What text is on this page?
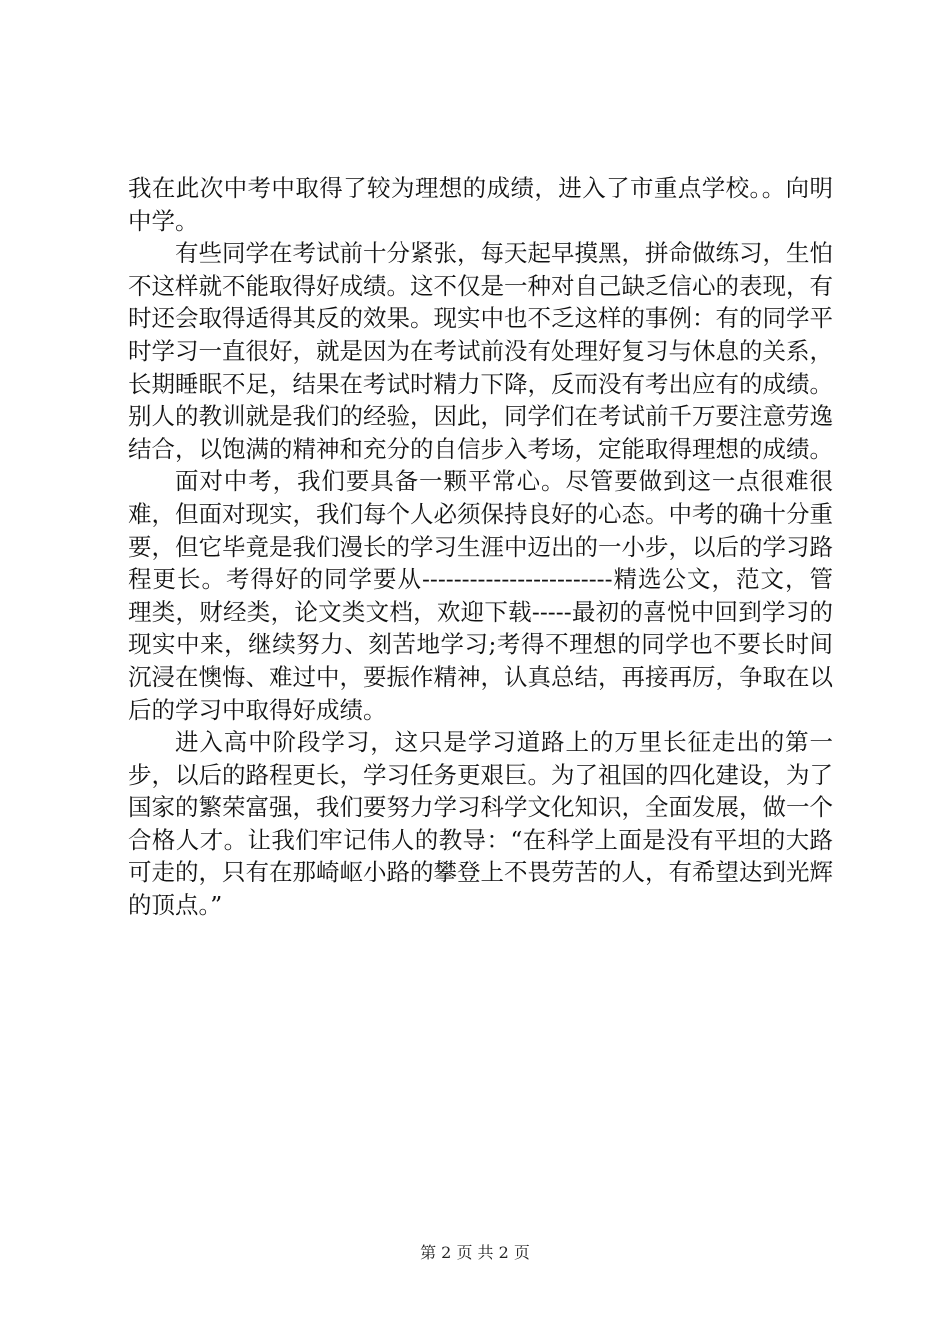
我在此次中考中取得了较为理想的成绩，进入了市重点学校。。向明中学。

有些同学在考试前十分紧张，每天起早摸黑，拼命做练习，生怕不这样就不能取得好成绩。这不仅是一种对自己缺乏信心的表现，有时还会取得适得其反的效果。现实中也不乏这样的事例：有的同学平时学习一直很好，就是因为在考试前没有处理好复习与休息的关系，长期睡眠不足，结果在考试时精力下降，反而没有考出应有的成绩。别人的教训就是我们的经验，因此，同学们在考试前千万要注意劳逸结合，以饱满的精神和充分的自信步入考场，定能取得理想的成绩。

面对中考，我们要具备一颗平常心。尽管要做到这一点很难很难，但面对现实，我们每个人必须保持良好的心态。中考的确十分重要，但它毕竟是我们漫长的学习生涯中迈出的一小步，以后的学习路程更长。考得好的同学要从------------------------精选公文，范文，管理类，财经类，论文类文档，欢迎下载-----最初的喜悦中回到学习的现实中来，继续努力、刻苦地学习;考得不理想的同学也不要长时间沉浸在懊悔、难过中，要振作精神，认真总结，再接再厉，争取在以后的学习中取得好成绩。

进入高中阶段学习，这只是学习道路上的万里长征走出的第一步，以后的路程更长，学习任务更艰巨。为了祖国的四化建设，为了国家的繁荣富强，我们要努力学习科学文化知识，全面发展，做一个合格人才。让我们牢记伟人的教导：“在科学上面是没有平坦的大路可走的，只有在那崎岖小路的攀登上不畏劳苦的人，有希望达到光辉的顶点。”

第 2 页 共 2 页
